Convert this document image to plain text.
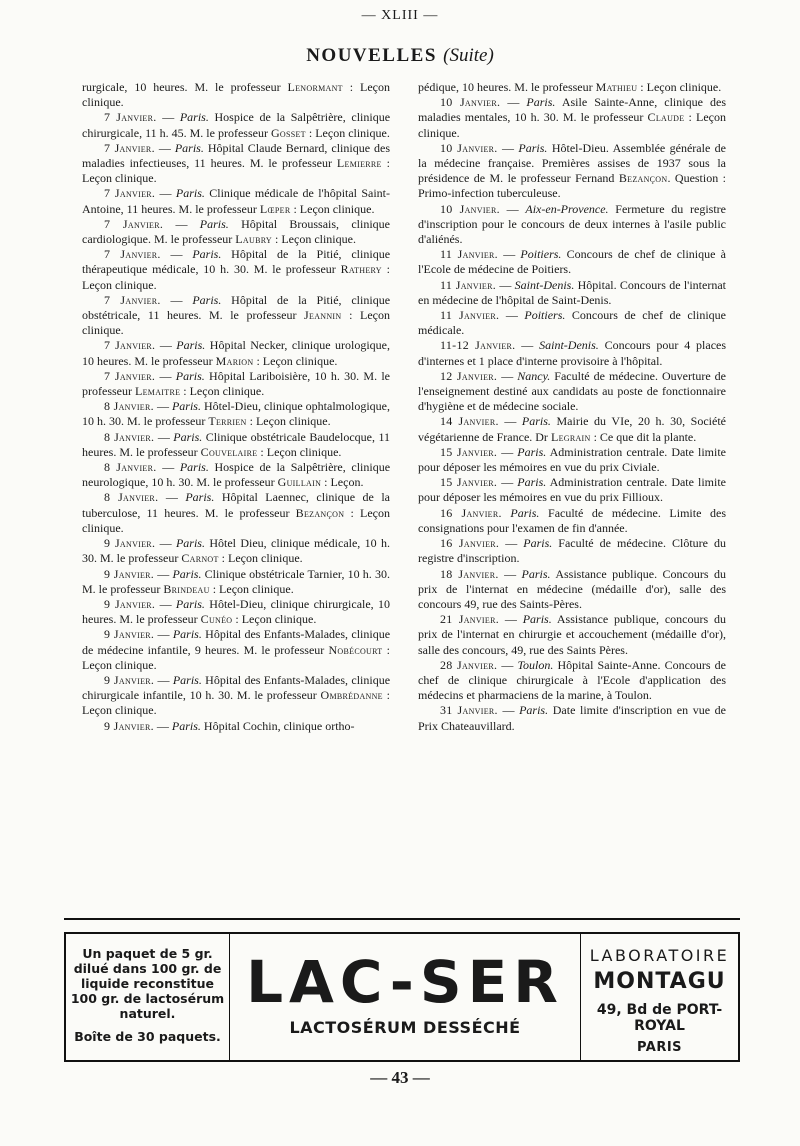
— XLIII —
NOUVELLES (Suite)

rurgicale, 10 heures. M. le professeur Lenormant : Leçon clinique.

7 Janvier. — Paris. Hospice de la Salpêtrière, clinique chirurgicale, 11 h. 45. M. le professeur Gosset : Leçon clinique.

7 Janvier. — Paris. Hôpital Claude Bernard, clinique des maladies infectieuses, 11 heures. M. le professeur Lemierre : Leçon clinique.

7 Janvier. — Paris. Clinique médicale de l'hôpital Saint-Antoine, 11 heures. M. le professeur Lœper : Leçon clinique.

7 Janvier. — Paris. Hôpital Broussais, clinique cardiologique. M. le professeur Laubry : Leçon clinique.

7 Janvier. — Paris. Hôpital de la Pitié, clinique thérapeutique médicale, 10 h. 30. M. le professeur Rathery : Leçon clinique.

7 Janvier. — Paris. Hôpital de la Pitié, clinique obstétricale, 11 heures. M. le professeur Jeannin : Leçon clinique.

7 Janvier. — Paris. Hôpital Necker, clinique urologique, 10 heures. M. le professeur Marion : Leçon clinique.

7 Janvier. — Paris. Hôpital Lariboisière, 10 h. 30. M. le professeur Lemaitre : Leçon clinique.

8 Janvier. — Paris. Hôtel-Dieu, clinique ophtalmologique, 10 h. 30. M. le professeur Terrien : Leçon clinique.

8 Janvier. — Paris. Clinique obstétricale Baudelocque, 11 heures. M. le professeur Couvelaire : Leçon clinique.

8 Janvier. — Paris. Hospice de la Salpêtrière, clinique neurologique, 10 h. 30. M. le professeur Guillain : Leçon.

8 Janvier. — Paris. Hôpital Laennec, clinique de la tuberculose, 11 heures. M. le professeur Bezançon : Leçon clinique.

9 Janvier. — Paris. Hôtel Dieu, clinique médicale, 10 h. 30. M. le professeur Carnot : Leçon clinique.

9 Janvier. — Paris. Clinique obstétricale Tarnier, 10 h. 30. M. le professeur Brindeau : Leçon clinique.

9 Janvier. — Paris. Hôtel-Dieu, clinique chirurgicale, 10 heures. M. le professeur Cunéo : Leçon clinique.

9 Janvier. — Paris. Hôpital des Enfants-Malades, clinique de médecine infantile, 9 heures. M. le professeur Nobécourt : Leçon clinique.

9 Janvier. — Paris. Hôpital des Enfants-Malades, clinique chirurgicale infantile, 10 h. 30. M. le professeur Ombrédanne : Leçon clinique.

9 Janvier. — Paris. Hôpital Cochin, clinique ortho-

pédique, 10 heures. M. le professeur Mathieu : Leçon clinique.

10 Janvier. — Paris. Asile Sainte-Anne, clinique des maladies mentales, 10 h. 30. M. le professeur Claude : Leçon clinique.

10 Janvier. — Paris. Hôtel-Dieu. Assemblée générale de la médecine française. Premières assises de 1937 sous la présidence de M. le professeur Fernand Bezançon. Question : Primo-infection tuberculeuse.

10 Janvier. — Aix-en-Provence. Fermeture du registre d'inscription pour le concours de deux internes à l'asile public d'aliénés.

11 Janvier. — Poitiers. Concours de chef de clinique à l'Ecole de médecine de Poitiers.

11 Janvier. — Saint-Denis. Hôpital. Concours de l'internat en médecine de l'hôpital de Saint-Denis.

11 Janvier. — Poitiers. Concours de chef de clinique médicale.

11-12 Janvier. — Saint-Denis. Concours pour 4 places d'internes et 1 place d'interne provisoire à l'hôpital.

12 Janvier. — Nancy. Faculté de médecine. Ouverture de l'enseignement destiné aux candidats au poste de fonctionnaire d'hygiène et de médecine sociale.

14 Janvier. — Paris. Mairie du VIe, 20 h. 30, Société végétarienne de France. Dr Legrain : Ce que dit la plante.

15 Janvier. — Paris. Administration centrale. Date limite pour déposer les mémoires en vue du prix Civiale.

15 Janvier. — Paris. Administration centrale. Date limite pour déposer les mémoires en vue du prix Fillioux.

16 Janvier. Paris. Faculté de médecine. Limite des consignations pour l'examen de fin d'année.

16 Janvier. — Paris. Faculté de médecine. Clôture du registre d'inscription.

18 Janvier. — Paris. Assistance publique. Concours du prix de l'internat en médecine (médaille d'or), salle des concours 49, rue des Saints-Pères.

21 Janvier. — Paris. Assistance publique, concours du prix de l'internat en chirurgie et accouchement (médaille d'or), salle des concours, 49, rue des Saints Pères.

28 Janvier. — Toulon. Hôpital Sainte-Anne. Concours de chef de clinique chirurgicale à l'Ecole d'application des médecins et pharmaciens de la marine, à Toulon.

31 Janvier. — Paris. Date limite d'inscription en vue de Prix Chateauvillard.

Un paquet de 5 gr.
dilué dans 100 gr. de
liquide reconstitue
100 gr. de lactosérum
naturel.
Boîte de 30 paquets.
LAC-SER
LACTOSÉRUM DESSÉCHÉ
LABORATOIRE
MONTAGU
49, Bd de PORT-ROYAL
PARIS
— 43 —
